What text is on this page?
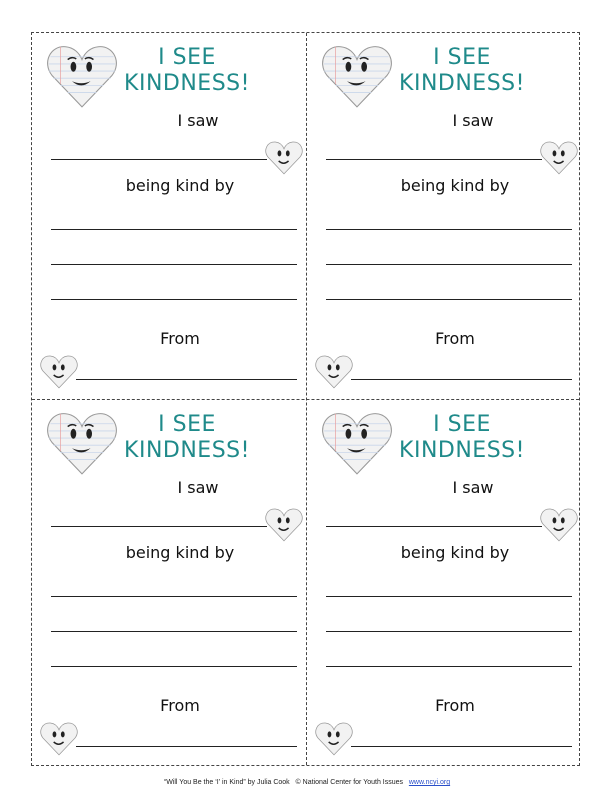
I SEE
KINDNESS!
I saw
being kind by
From
I SEE
KINDNESS!
I saw
being kind by
From
I SEE
KINDNESS!
I saw
being kind by
From
I SEE
KINDNESS!
I saw
being kind by
From
“Will You Be the ‘I’ in Kind” by Julia Cook © National Center for Youth Issues www.ncyi.org
